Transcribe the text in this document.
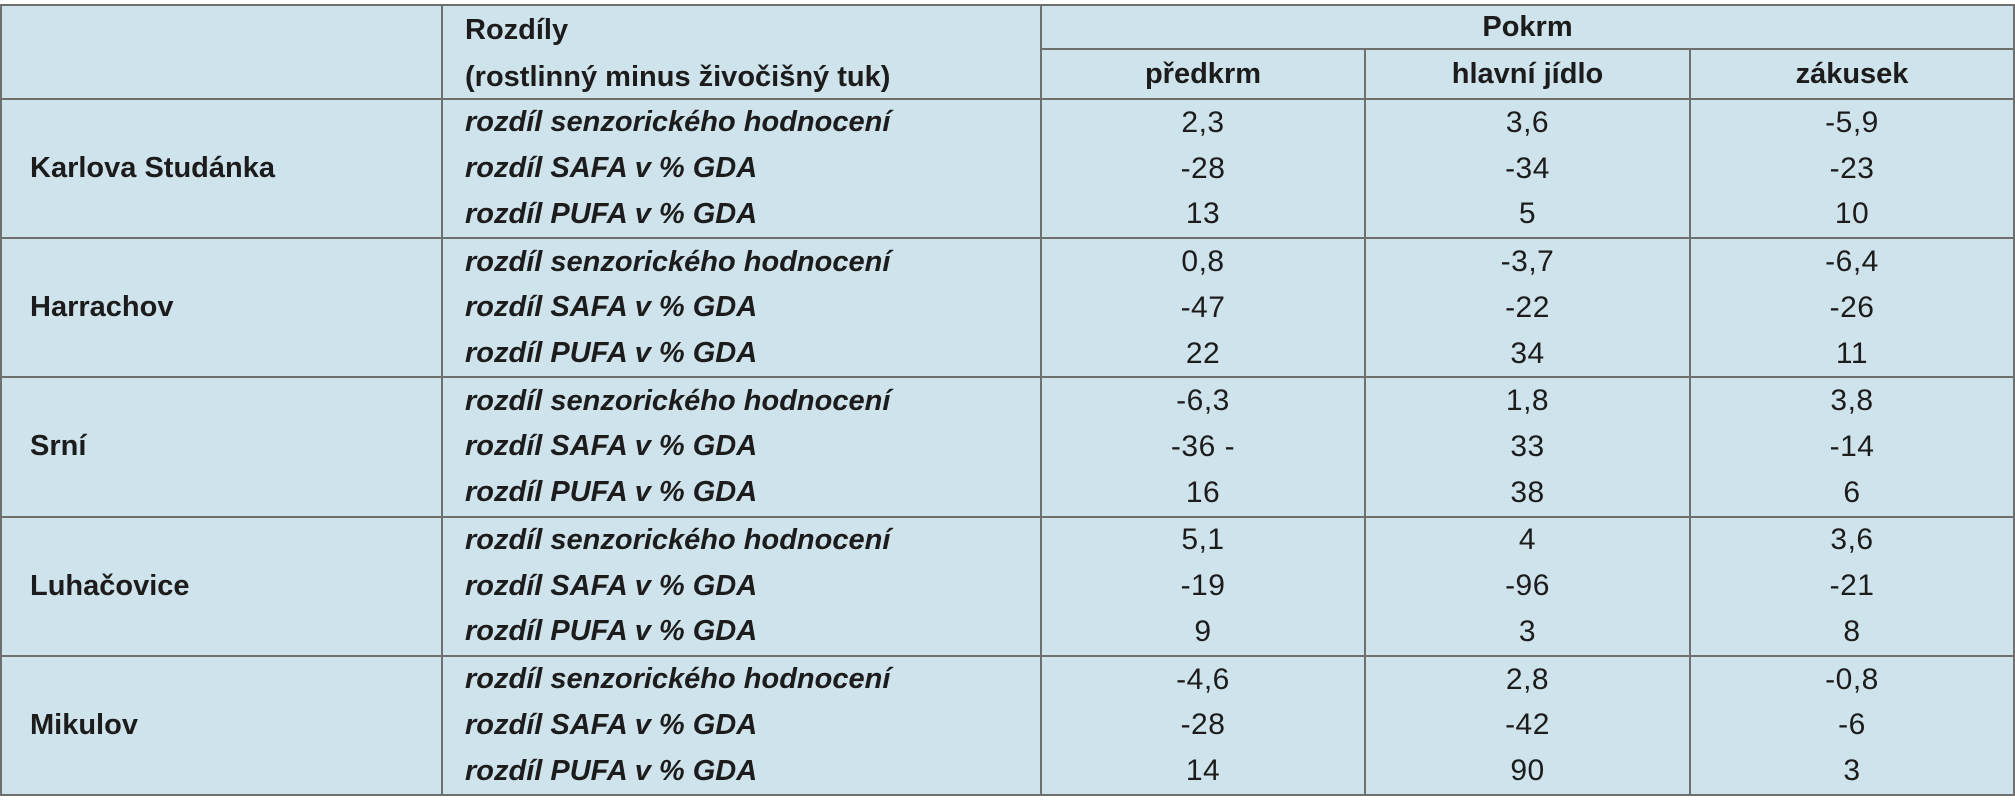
	Rozdíly
(rostlinný minus živočišný tuk)	Pokrm		
		předkrm	hlavní jídlo	zákusek
Karlova Studánka	rozdíl senzorického hodnocení	2,3	3,6	-5,9
	rozdíl SAFA v % GDA	-28	-34	-23
	rozdíl PUFA v % GDA	13	5	10
Harrachov	rozdíl senzorického hodnocení	0,8	-3,7	-6,4
	rozdíl SAFA v % GDA	-47	-22	-26
	rozdíl PUFA v % GDA	22	34	11
Srní	rozdíl senzorického hodnocení	-6,3	1,8	3,8
	rozdíl SAFA v % GDA	-36 -	33	-14
	rozdíl PUFA v % GDA	16	38	6
Luhačovice	rozdíl senzorického hodnocení	5,1	4	3,6
	rozdíl SAFA v % GDA	-19	-96	-21
	rozdíl PUFA v % GDA	9	3	8
Mikulov	rozdíl senzorického hodnocení	-4,6	2,8	-0,8
	rozdíl SAFA v % GDA	-28	-42	-6
	rozdíl PUFA v % GDA	14	90	3
